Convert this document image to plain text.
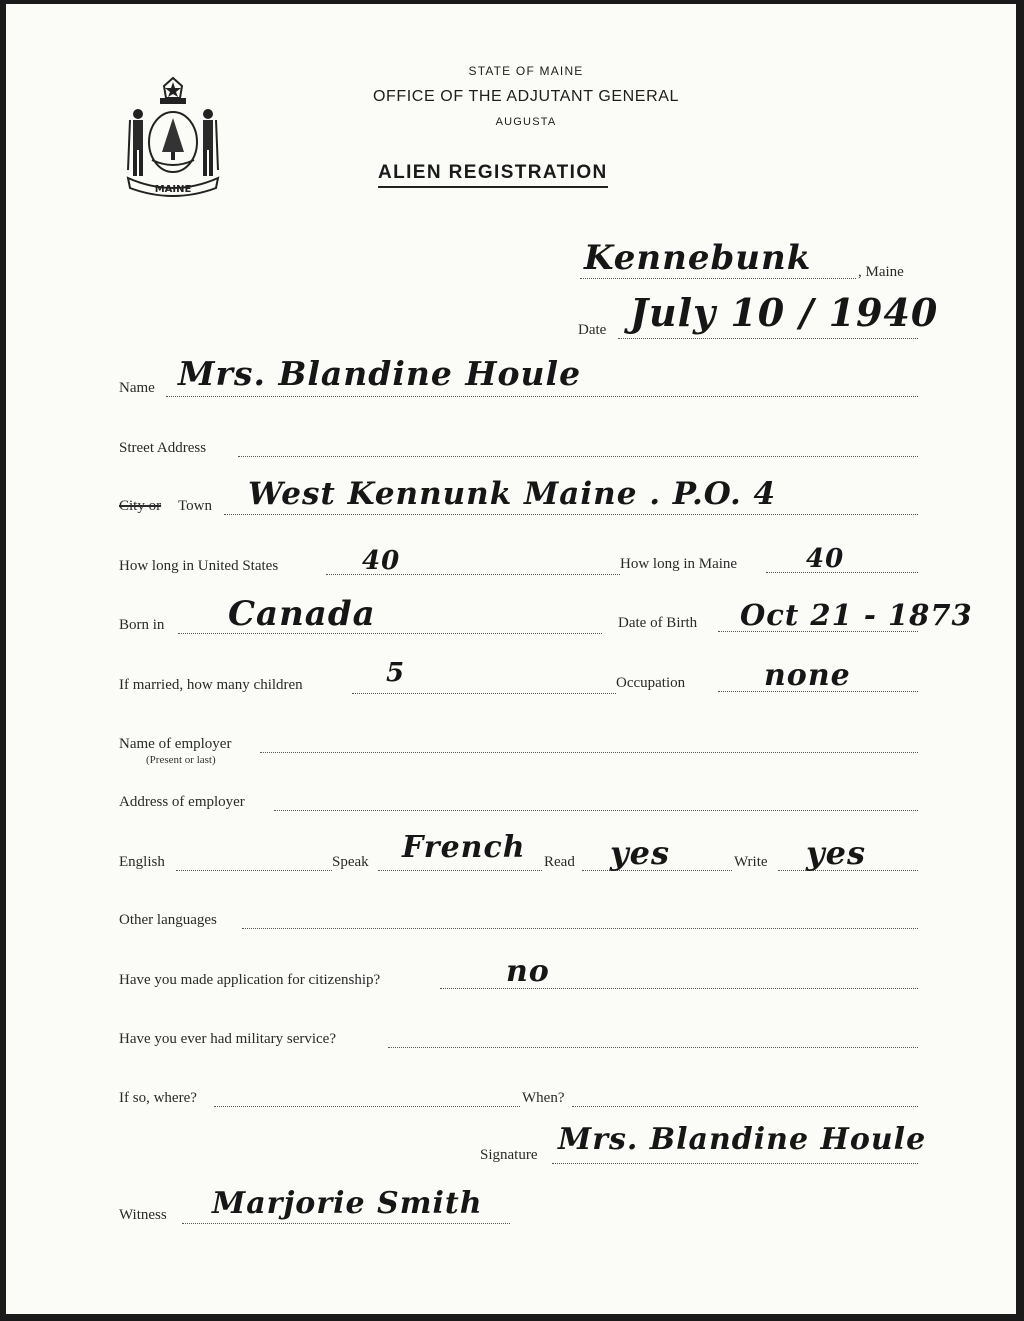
MAINE
STATE OF MAINE
OFFICE OF THE ADJUTANT GENERAL
AUGUSTA
ALIEN REGISTRATION
Kennebunk	, Maine
Date July 10 / 1940
Name Mrs. Blandine Houle
Street Address
City or Town West Kennunk Maine . P.O. 4
How long in United States	40	How long in Maine	40
Born in Canada	Date of Birth Oct 21 - 1873
If married, how many children	5	Occupation	none
Name of employer
(Present or last)
Address of employer
English	Speak French Read yes	Write yes
Other languages
Have you made application for citizenship?	no
Have you ever had military service?
If so, where?	When?
Signature Mrs. Blandine Houle
Witness Marjorie Smith
